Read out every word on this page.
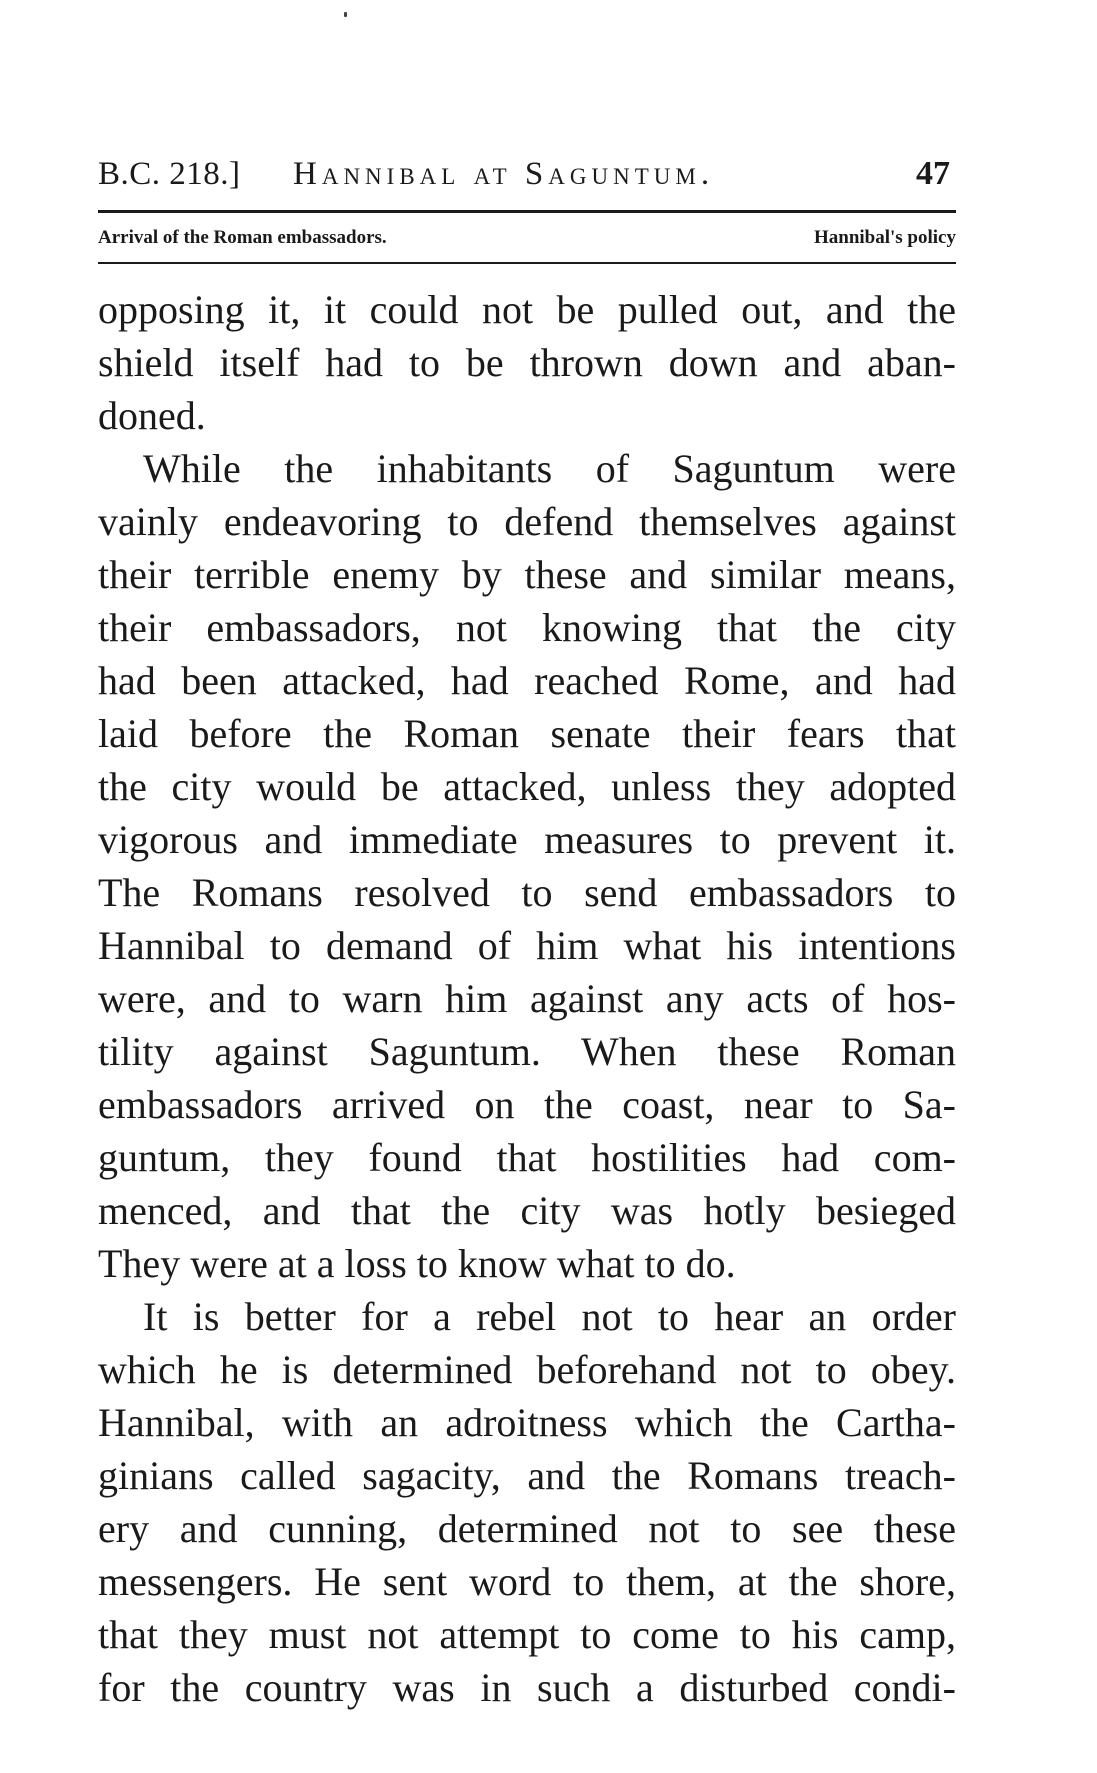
B.C. 218.] Hannibal at Saguntum.	47
Arrival of the Roman embassadors.	Hannibal's policy
opposing it, it could not be pulled out, and the
shield itself had to be thrown down and aban-
doned.
While the inhabitants of Saguntum were
vainly endeavoring to defend themselves against
their terrible enemy by these and similar means,
their embassadors, not knowing that the city
had been attacked, had reached Rome, and had
laid before the Roman senate their fears that
the city would be attacked, unless they adopted
vigorous and immediate measures to prevent it.
The Romans resolved to send embassadors to
Hannibal to demand of him what his intentions
were, and to warn him against any acts of hos-
tility against Saguntum. When these Roman
embassadors arrived on the coast, near to Sa-
guntum, they found that hostilities had com-
menced, and that the city was hotly besieged
They were at a loss to know what to do.
It is better for a rebel not to hear an order
which he is determined beforehand not to obey.
Hannibal, with an adroitness which the Cartha-
ginians called sagacity, and the Romans treach-
ery and cunning, determined not to see these
messengers. He sent word to them, at the shore,
that they must not attempt to come to his camp,
for the country was in such a disturbed condi-
